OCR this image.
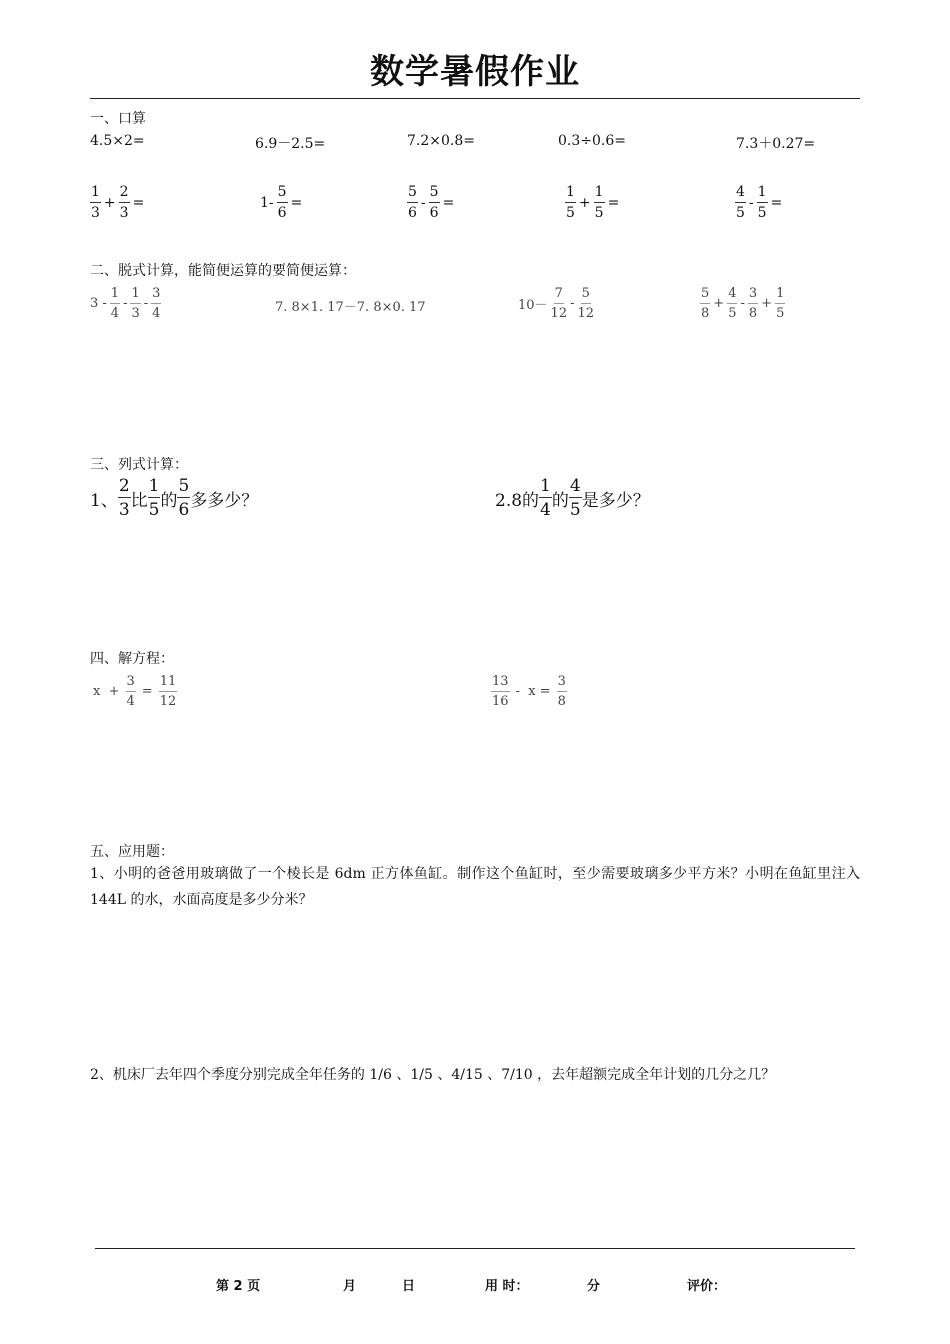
数学暑假作业
一、口算
4.5×2=	6.9－2.5=	7.2×0.8=	0.3÷0.6=	7.3＋0.27=
$\frac{1}{3} + \frac{2}{3}$ =	$1- \frac{5}{6}$ =	$\frac{5}{6} - \frac{5}{6}$ =	$\frac{1}{5} + \frac{1}{5}$ =	$\frac{4}{5} - \frac{1}{5}$ =
二、脱式计算，能简便运算的要简便运算：
$3 - \frac{1}{4} - \frac{1}{3} - \frac{3}{4}$	7. 8×1. 17－7. 8×0. 17	$10- \frac{7}{12} - \frac{5}{12}$	$\frac{5}{8} + \frac{4}{5} - \frac{3}{8} + \frac{1}{5}$
三、列式计算：
1、 $\frac{2}{3}$ 比 $\frac{1}{5}$ 的 $\frac{5}{6}$ 多多少？	2.8的 $\frac{1}{4}$ 的 $\frac{4}{5}$ 是多少？
四、解方程：
$x + \frac{3}{4} = \frac{11}{12}$	$\frac{13}{16} - x = \frac{3}{8}$
五、应用题：
1、小明的爸爸用玻璃做了一个棱长是 6dm 正方体鱼缸。制作这个鱼缸时，至少需要玻璃多少平方米？小明在鱼缸里注入 144L 的水，水面高度是多少分米？
2、机床厂去年四个季度分别完成全年任务的 1/6 、1/5 、4/15 、7/10 ，去年超额完成全年计划的几分之几？
第 2 页	月	日	用 时：	分	评价：
